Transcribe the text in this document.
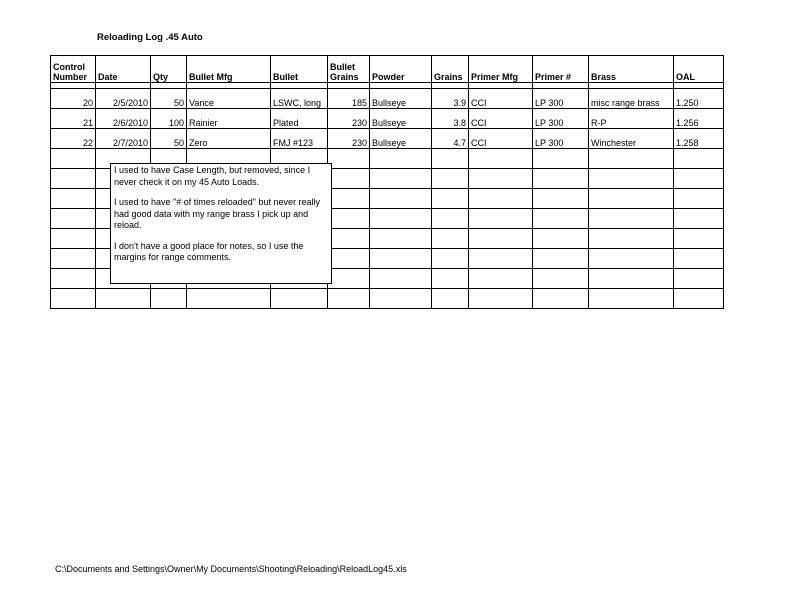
Reloading Log .45 Auto
Control Number	Date	Qty	Bullet Mfg	Bullet	Bullet Grains	Powder	Grains	Primer Mfg	Primer #	Brass	OAL

20	2/5/2010	50	Vance	LSWC, long	185	Bullseye	3.9	CCI	LP 300	misc range brass	1.250
21	2/6/2010	100	Rainier	Plated	230	Bullseye	3.8	CCI	LP 300	R-P	1.256
22	2/7/2010	50	Zero	FMJ #123	230	Bullseye	4.7	CCI	LP 300	Winchester	1.258

I used to have Case Length, but removed, since I never check it on my 45 Auto Loads.

I used to have "# of times reloaded" but never really had good data with my range brass I pick up and reload.

I don't have a good place for notes, so I use the margins for range comments.

C:\Documents and Settings\Owner\My Documents\Shooting\Reloading\ReloadLog45.xls
